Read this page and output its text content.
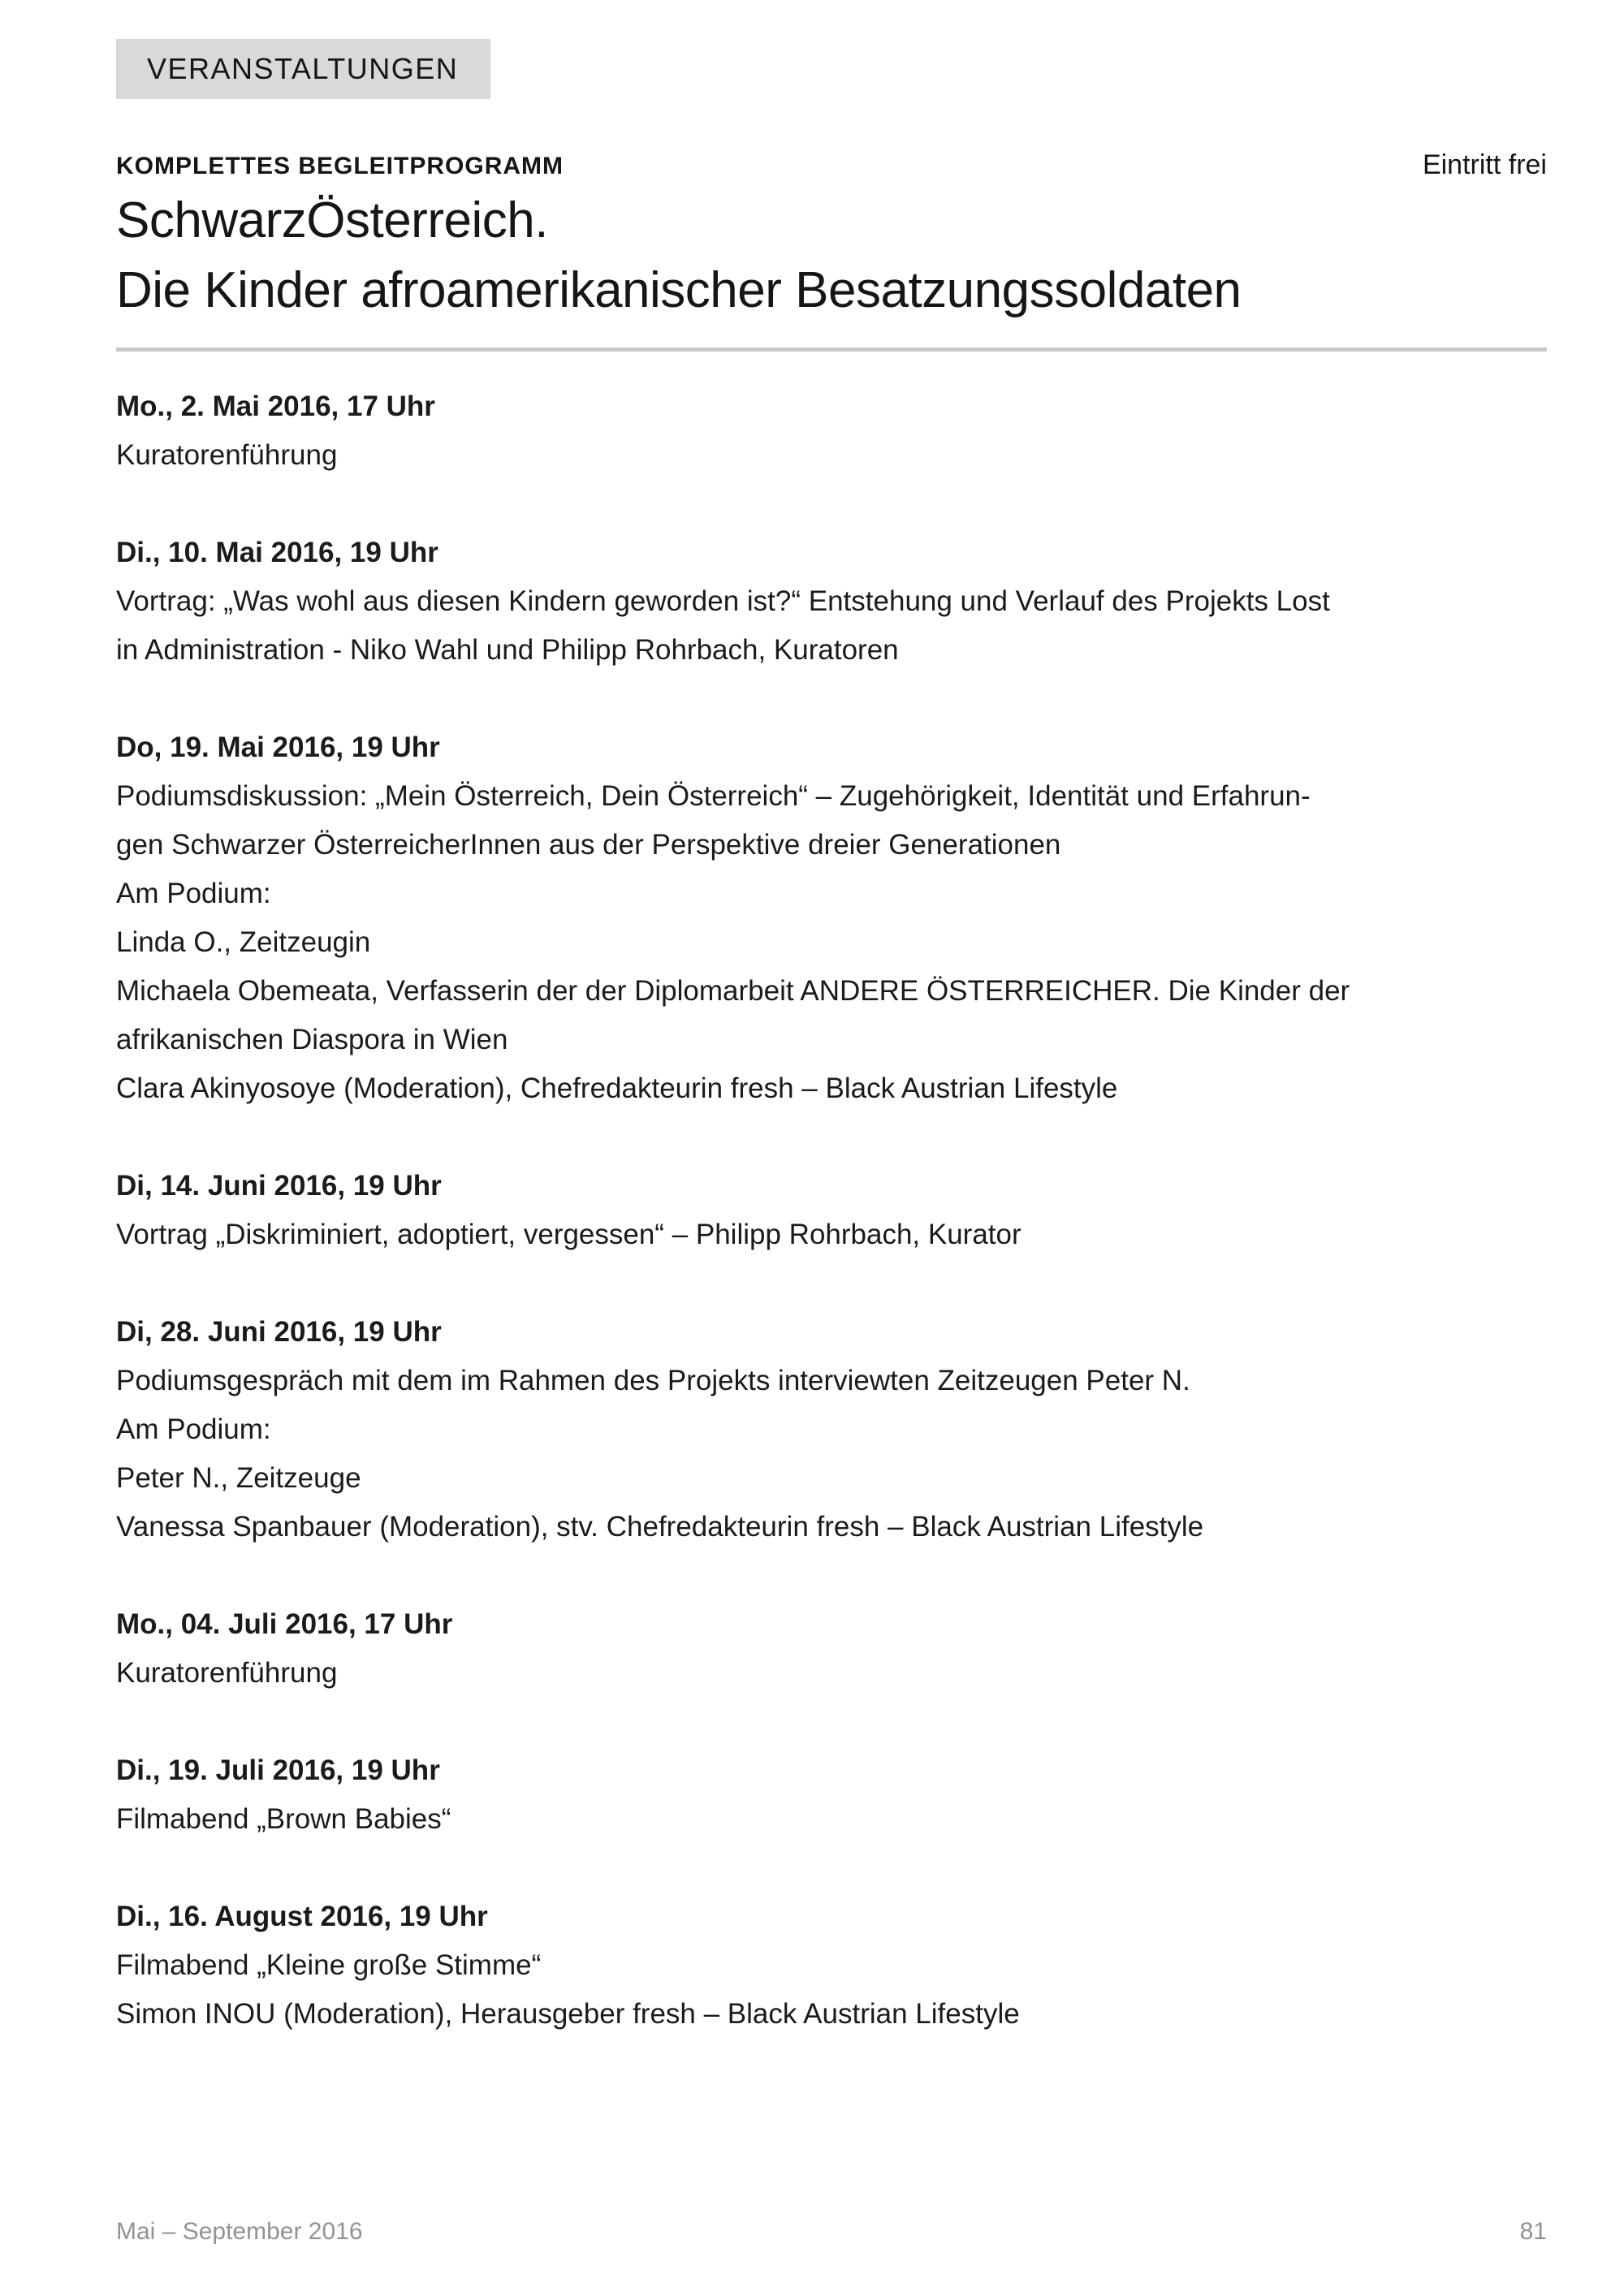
VERANSTALTUNGEN
KOMPLETTES BEGLEITPROGRAMM	Eintritt frei
SchwarzÖsterreich.
Die Kinder afroamerikanischer Besatzungssoldaten
Mo., 2. Mai 2016, 17 Uhr

Kuratorenführung

Di., 10. Mai 2016, 19 Uhr

Vortrag: „Was wohl aus diesen Kindern geworden ist?“ Entstehung und Verlauf des Projekts Lost

in Administration - Niko Wahl und Philipp Rohrbach, Kuratoren

Do, 19. Mai 2016, 19 Uhr

Podiumsdiskussion: „Mein Österreich, Dein Österreich“ – Zugehörigkeit, Identität und Erfahrun-

gen Schwarzer ÖsterreicherInnen aus der Perspektive dreier Generationen

Am Podium:

Linda O., Zeitzeugin

Michaela Obemeata, Verfasserin der der Diplomarbeit ANDERE ÖSTERREICHER. Die Kinder der

afrikanischen Diaspora in Wien

Clara Akinyosoye (Moderation), Chefredakteurin fresh – Black Austrian Lifestyle

Di, 14. Juni 2016, 19 Uhr

Vortrag „Diskriminiert, adoptiert, vergessen“ – Philipp Rohrbach, Kurator

Di, 28. Juni 2016, 19 Uhr

Podiumsgespräch mit dem im Rahmen des Projekts interviewten Zeitzeugen Peter N.

Am Podium:

Peter N., Zeitzeuge

Vanessa Spanbauer (Moderation), stv. Chefredakteurin fresh – Black Austrian Lifestyle

Mo., 04. Juli 2016, 17 Uhr

Kuratorenführung

Di., 19. Juli 2016, 19 Uhr

Filmabend „Brown Babies“

Di., 16. August 2016, 19 Uhr

Filmabend „Kleine große Stimme“

Simon INOU (Moderation), Herausgeber fresh – Black Austrian Lifestyle

Mai – September 2016	81
